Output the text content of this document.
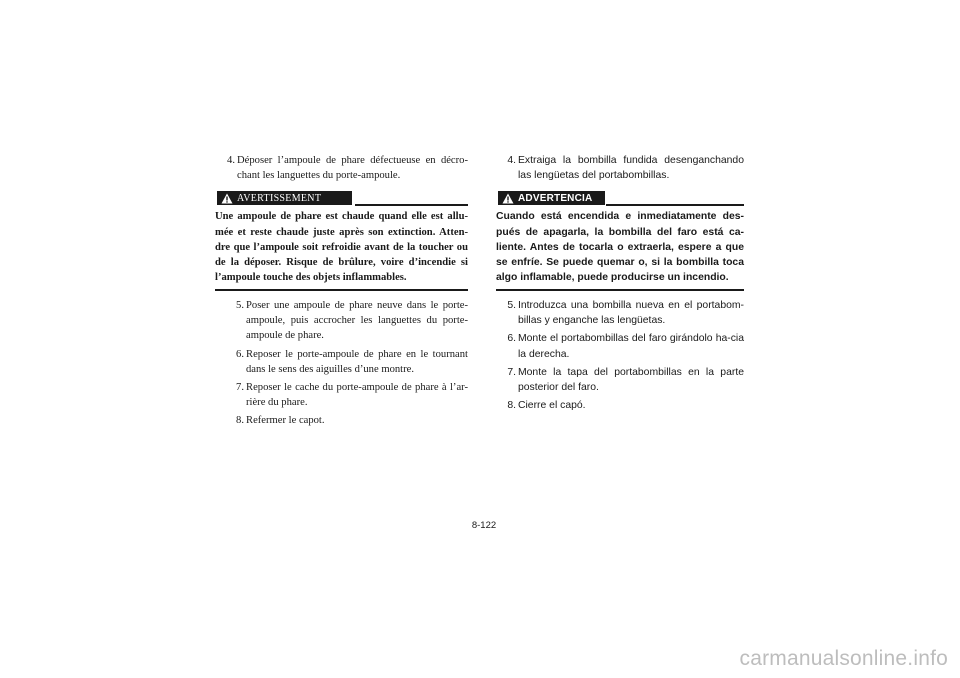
4. Déposer l’ampoule de phare défectueuse en décro-chant les languettes du porte-ampoule.
AVERTISSEMENT
Une ampoule de phare est chaude quand elle est allu-mée et reste chaude juste après son extinction. Atten-dre que l’ampoule soit refroidie avant de la toucher ou de la déposer. Risque de brûlure, voire d’incendie si l’ampoule touche des objets inflammables.
5. Poser une ampoule de phare neuve dans le porte-ampoule, puis accrocher les languettes du porte-ampoule de phare.
6. Reposer le porte-ampoule de phare en le tournant dans le sens des aiguilles d’une montre.
7. Reposer le cache du porte-ampoule de phare à l’ar-rière du phare.
8. Refermer le capot.
4. Extraiga la bombilla fundida desenganchando las lengüetas del portabombillas.
ADVERTENCIA
Cuando está encendida e inmediatamente des-pués de apagarla, la bombilla del faro está ca-liente. Antes de tocarla o extraerla, espere a que se enfríe. Se puede quemar o, si la bombilla toca algo inflamable, puede producirse un incendio.
5. Introduzca una bombilla nueva en el portabom-billas y enganche las lengüetas.
6. Monte el portabombillas del faro girándolo ha-cia la derecha.
7. Monte la tapa del portabombillas en la parte posterior del faro.
8. Cierre el capó.
8-122
carmanualsonline.info
